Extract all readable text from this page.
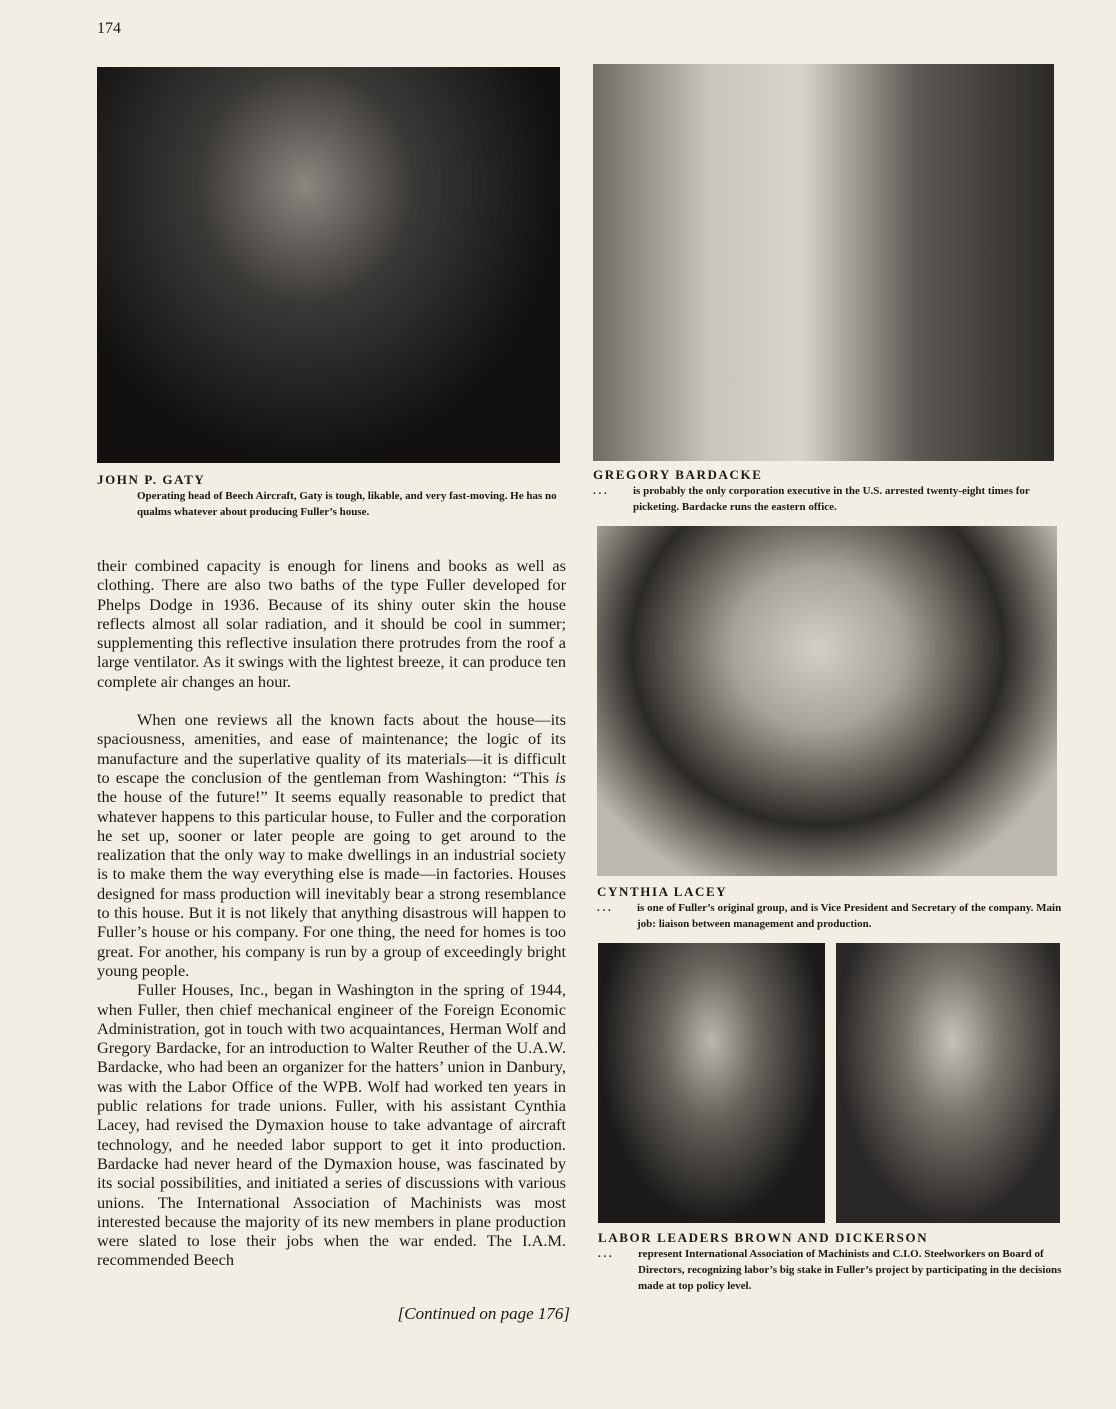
174
JOHN P. GATY
Operating head of Beech Aircraft, Gaty is tough, likable, and very fast-moving. He has no qualms whatever about producing Fuller’s house.
GREGORY BARDACKE
. . .	is probably the only corporation executive in the U.S. arrested twenty-eight times for picketing. Bardacke runs the eastern office.
CYNTHIA LACEY
. . .	is one of Fuller’s original group, and is Vice President and Secretary of the company. Main job: liaison between management and production.
LABOR LEADERS BROWN AND DICKERSON
. . .	represent International Association of Machinists and C.I.O. Steelworkers on Board of Directors, recognizing labor’s big stake in Fuller’s project by participating in the decisions made at top policy level.

their combined capacity is enough for linens and books as well as clothing. There are also two baths of the type Fuller developed for Phelps Dodge in 1936. Because of its shiny outer skin the house reflects almost all solar radiation, and it should be cool in summer; supplementing this reflective insulation there protrudes from the roof a large ventilator. As it swings with the lightest breeze, it can produce ten complete air changes an hour.

When one reviews all the known facts about the house—its spaciousness, amenities, and ease of maintenance; the logic of its manufacture and the superlative quality of its materials—it is difficult to escape the conclusion of the gentleman from Washington: “This is the house of the future!” It seems equally reasonable to predict that whatever happens to this particular house, to Fuller and the corporation he set up, sooner or later people are going to get around to the realization that the only way to make dwellings in an industrial society is to make them the way everything else is made—in factories. Houses designed for mass production will inevitably bear a strong resemblance to this house. But it is not likely that anything disastrous will happen to Fuller’s house or his company. For one thing, the need for homes is too great. For another, his company is run by a group of exceedingly bright young people.

Fuller Houses, Inc., began in Washington in the spring of 1944, when Fuller, then chief mechanical engineer of the Foreign Economic Administration, got in touch with two acquaintances, Herman Wolf and Gregory Bardacke, for an introduction to Walter Reuther of the U.A.W. Bardacke, who had been an organizer for the hatters’ union in Danbury, was with the Labor Office of the WPB. Wolf had worked ten years in public relations for trade unions. Fuller, with his assistant Cynthia Lacey, had revised the Dymaxion house to take advantage of aircraft technology, and he needed labor support to get it into production. Bardacke had never heard of the Dymaxion house, was fascinated by its social possibilities, and initiated a series of discussions with various unions. The International Association of Machinists was most interested because the majority of its new members in plane production were slated to lose their jobs when the war ended. The I.A.M. recommended Beech

[Continued on page 176]
